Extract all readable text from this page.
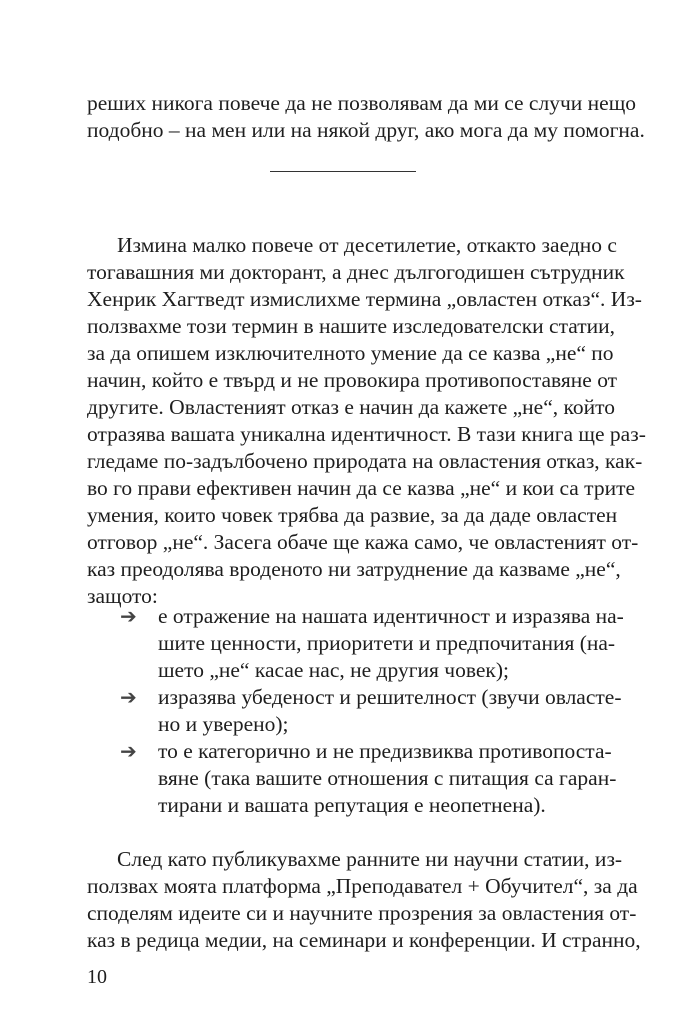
реших никога повече да не позволявам да ми се случи нещо
подобно – на мен или на някой друг, ако мога да му помогна.
Измина малко повече от десетилетие, откакто заедно с
тогавашния ми докторант, а днес дългогодишен сътрудник
Хенрик Хагтведт измислихме термина „овластен отказ“. Из-
ползвахме този термин в нашите изследователски статии,
за да опишем изключителното умение да се казва „не“ по
начин, който е твърд и не провокира противопоставяне от
другите. Овластеният отказ е начин да кажете „не“, който
отразява вашата уникална идентичност. В тази книга ще раз-
гледаме по-задълбочено природата на овластения отказ, как-
во го прави ефективен начин да се казва „не“ и кои са трите
умения, които човек трябва да развие, за да даде овластен
отговор „не“. Засега обаче ще кажа само, че овластеният от-
каз преодолява вроденото ни затруднение да казваме „не“,
защото:
➔ е отражение на нашата идентичност и изразява на-
шите ценности, приоритети и предпочитания (на-
шето „не“ касае нас, не другия човек);
➔ изразява убеденост и решителност (звучи овластe-
но и уверено);
➔ то е категорично и не предизвиква противопоста-
вяне (така вашите отношения с питащия са гаран-
тирани и вашата репутация е неопетнена).
След като публикувахме ранните ни научни статии, из-
ползвах моята платформа „Преподавател + Обучител“, за да
споделям идеите си и научните прозрения за овластения от-
каз в редица медии, на семинари и конференции. И странно,
10
